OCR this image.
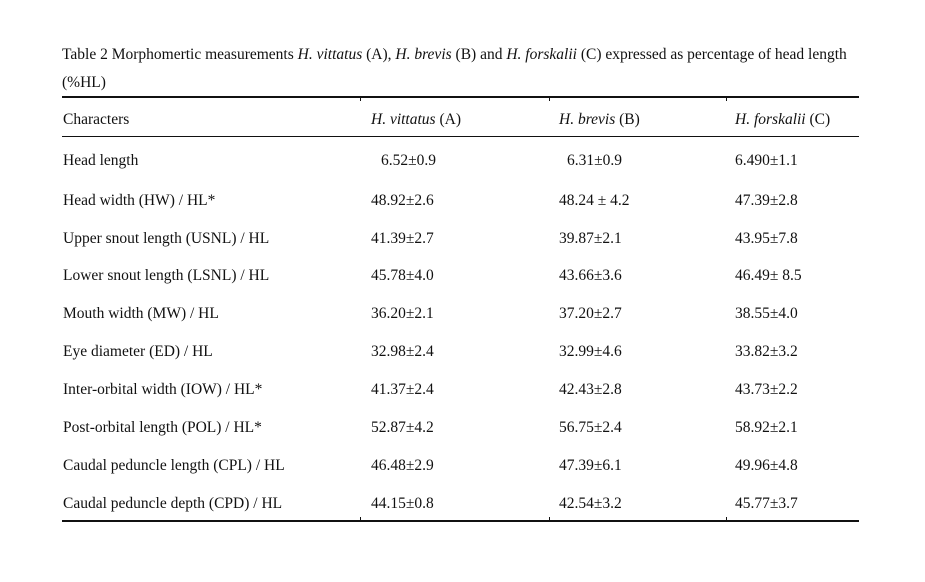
Table 2 Morphomertic measurements H. vittatus (A), H. brevis (B) and H. forskalii (C) expressed as percentage of head length (%HL)
Characters	H. vittatus (A)	H. brevis (B)	H. forskalii (C)
Head length	6.52±0.9	6.31±0.9	6.490±1.1
Head width (HW) / HL*	48.92±2.6	48.24 ± 4.2	47.39±2.8
Upper snout length (USNL) / HL	41.39±2.7	39.87±2.1	43.95±7.8
Lower snout length (LSNL) / HL	45.78±4.0	43.66±3.6	46.49± 8.5
Mouth width (MW) / HL	36.20±2.1	37.20±2.7	38.55±4.0
Eye diameter (ED) / HL	32.98±2.4	32.99±4.6	33.82±3.2
Inter-orbital width (IOW) / HL*	41.37±2.4	42.43±2.8	43.73±2.2
Post-orbital length (POL) / HL*	52.87±4.2	56.75±2.4	58.92±2.1
Caudal peduncle length (CPL) / HL	46.48±2.9	47.39±6.1	49.96±4.8
Caudal peduncle depth (CPD) / HL	44.15±0.8	42.54±3.2	45.77±3.7
